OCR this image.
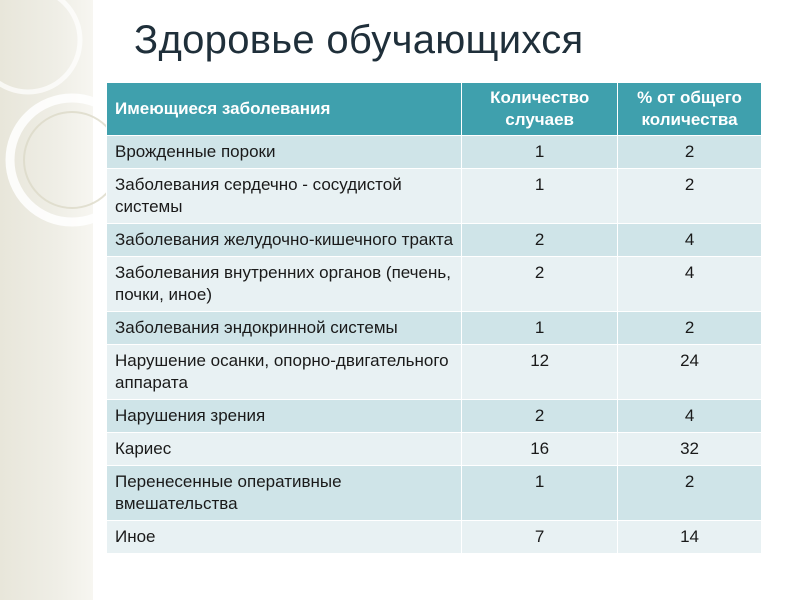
Здоровье обучающихся
Имеющиеся заболевания	Количество случаев	% от общего количества
Врожденные пороки	1	2
Заболевания сердечно - сосудистой системы	1	2
Заболевания желудочно-кишечного тракта	2	4
Заболевания внутренних органов (печень, почки, иное)	2	4
Заболевания эндокринной системы	1	2
Нарушение осанки, опорно-двигательного аппарата	12	24
Нарушения зрения	2	4
Кариес	16	32
Перенесенные оперативные вмешательства	1	2
Иное	7	14
